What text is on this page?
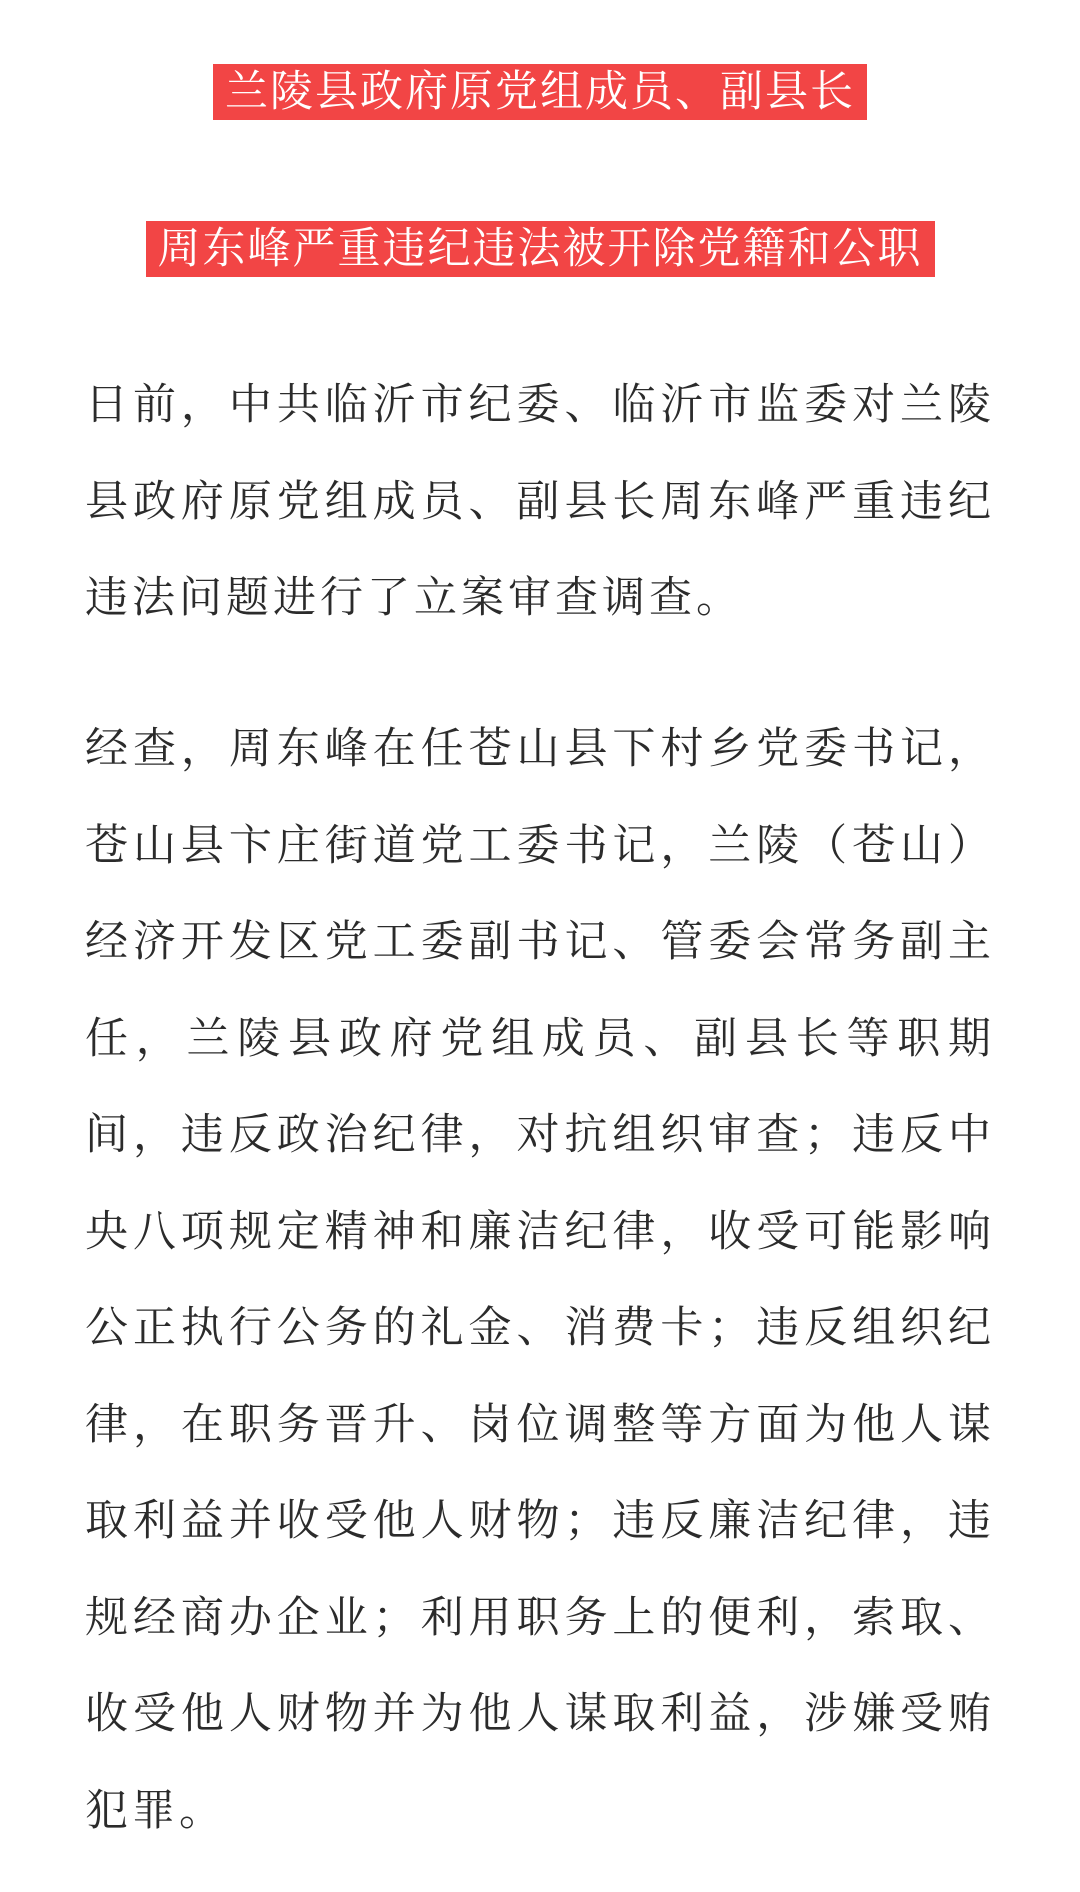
兰陵县政府原党组成员、副县长
周东峰严重违纪违法被开除党籍和公职

日前，中共临沂市纪委、临沂市监委对兰陵县政府原党组成员、副县长周东峰严重违纪违法问题进行了立案审查调查。

经查，周东峰在任苍山县下村乡党委书记，苍山县卞庄街道党工委书记，兰陵（苍山）经济开发区党工委副书记、管委会常务副主任，兰陵县政府党组成员、副县长等职期间，违反政治纪律，对抗组织审查；违反中央八项规定精神和廉洁纪律，收受可能影响公正执行公务的礼金、消费卡；违反组织纪律，在职务晋升、岗位调整等方面为他人谋取利益并收受他人财物；违反廉洁纪律，违规经商办企业；利用职务上的便利，索取、收受他人财物并为他人谋取利益，涉嫌受贿犯罪。
